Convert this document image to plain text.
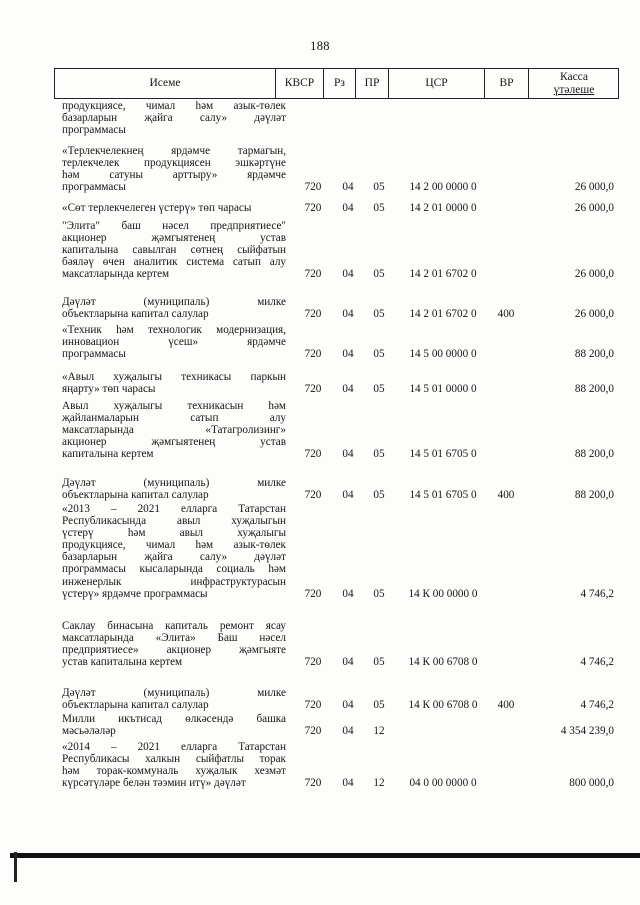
188
Исеме	КВСР	Рз	ПР	ЦСР	ВР
Касса
үтәлеше
продукциясе, чимал һәм азык-төлек
базарларын җайга салу» дәүләт
программасы
«Терлекчелекнең ярдәмче тармагын,
терлекчелек продукциясен эшкәртүне
һәм сатуны арттыру» ярдәмче
программасы	720	04	05	14 2 00 0000 0	26 000,0
«Сөт терлекчелеген үстерү» төп чарасы	720	04	05	14 2 01 0000 0	26 000,0
"Элита" баш нәсел предприятиесе"
акционер җәмгыятенең устав
капиталына савылган сөтнең сыйфатын
бәяләү өчен аналитик система сатып алу
максатларында кертем	720	04	05	14 2 01 6702 0	26 000,0
Дәүләт (муниципаль) милке
объектларына капитал салулар	720	04	05	14 2 01 6702 0	400	26 000,0
«Техник һәм технологик модернизация,
инновацион үсеш» ярдәмче
программасы	720	04	05	14 5 00 0000 0	88 200,0
«Авыл хуҗалыгы техникасы паркын
яңарту» төп чарасы	720	04	05	14 5 01 0000 0	88 200,0
Авыл хуҗалыгы техникасын һәм
җайланмаларын сатып алу
максатларында «Татагролизинг»
акционер җәмгыятенең устав
капиталына кертем	720	04	05	14 5 01 6705 0	88 200,0
Дәүләт (муниципаль) милке
объектларына капитал салулар	720	04	05	14 5 01 6705 0	400	88 200,0
«2013 – 2021 елларга Татарстан
Республикасында авыл хуҗалыгын
үстерү һәм авыл хуҗалыгы
продукциясе, чимал һәм азык-төлек
базарларын җайга салу» дәүләт
программасы кысаларында социаль һәм
инженерлык инфраструктурасын
үстерү» ярдәмче программасы	720	04	05	14 К 00 0000 0	4 746,2
Саклау бинасына капиталь ремонт ясау
максатларында «Элита» Баш нәсел
предприятиесе» акционер җәмгыяте
устав капиталына кертем	720	04	05	14 К 00 6708 0	4 746,2
Дәүләт (муниципаль) милке
объектларына капитал салулар	720	04	05	14 К 00 6708 0	400	4 746,2
Милли икътисад өлкәсендә башка
мәсьәләләр	720	04	12	4 354 239,0
«2014 – 2021 елларга Татарстан
Республикасы халкын сыйфатлы торак
һәм торак-коммуналь хуҗалык хезмәт
күрсәтүләре белән тәэмин итү» дәүләт	720	04	12	04 0 00 0000 0	800 000,0
